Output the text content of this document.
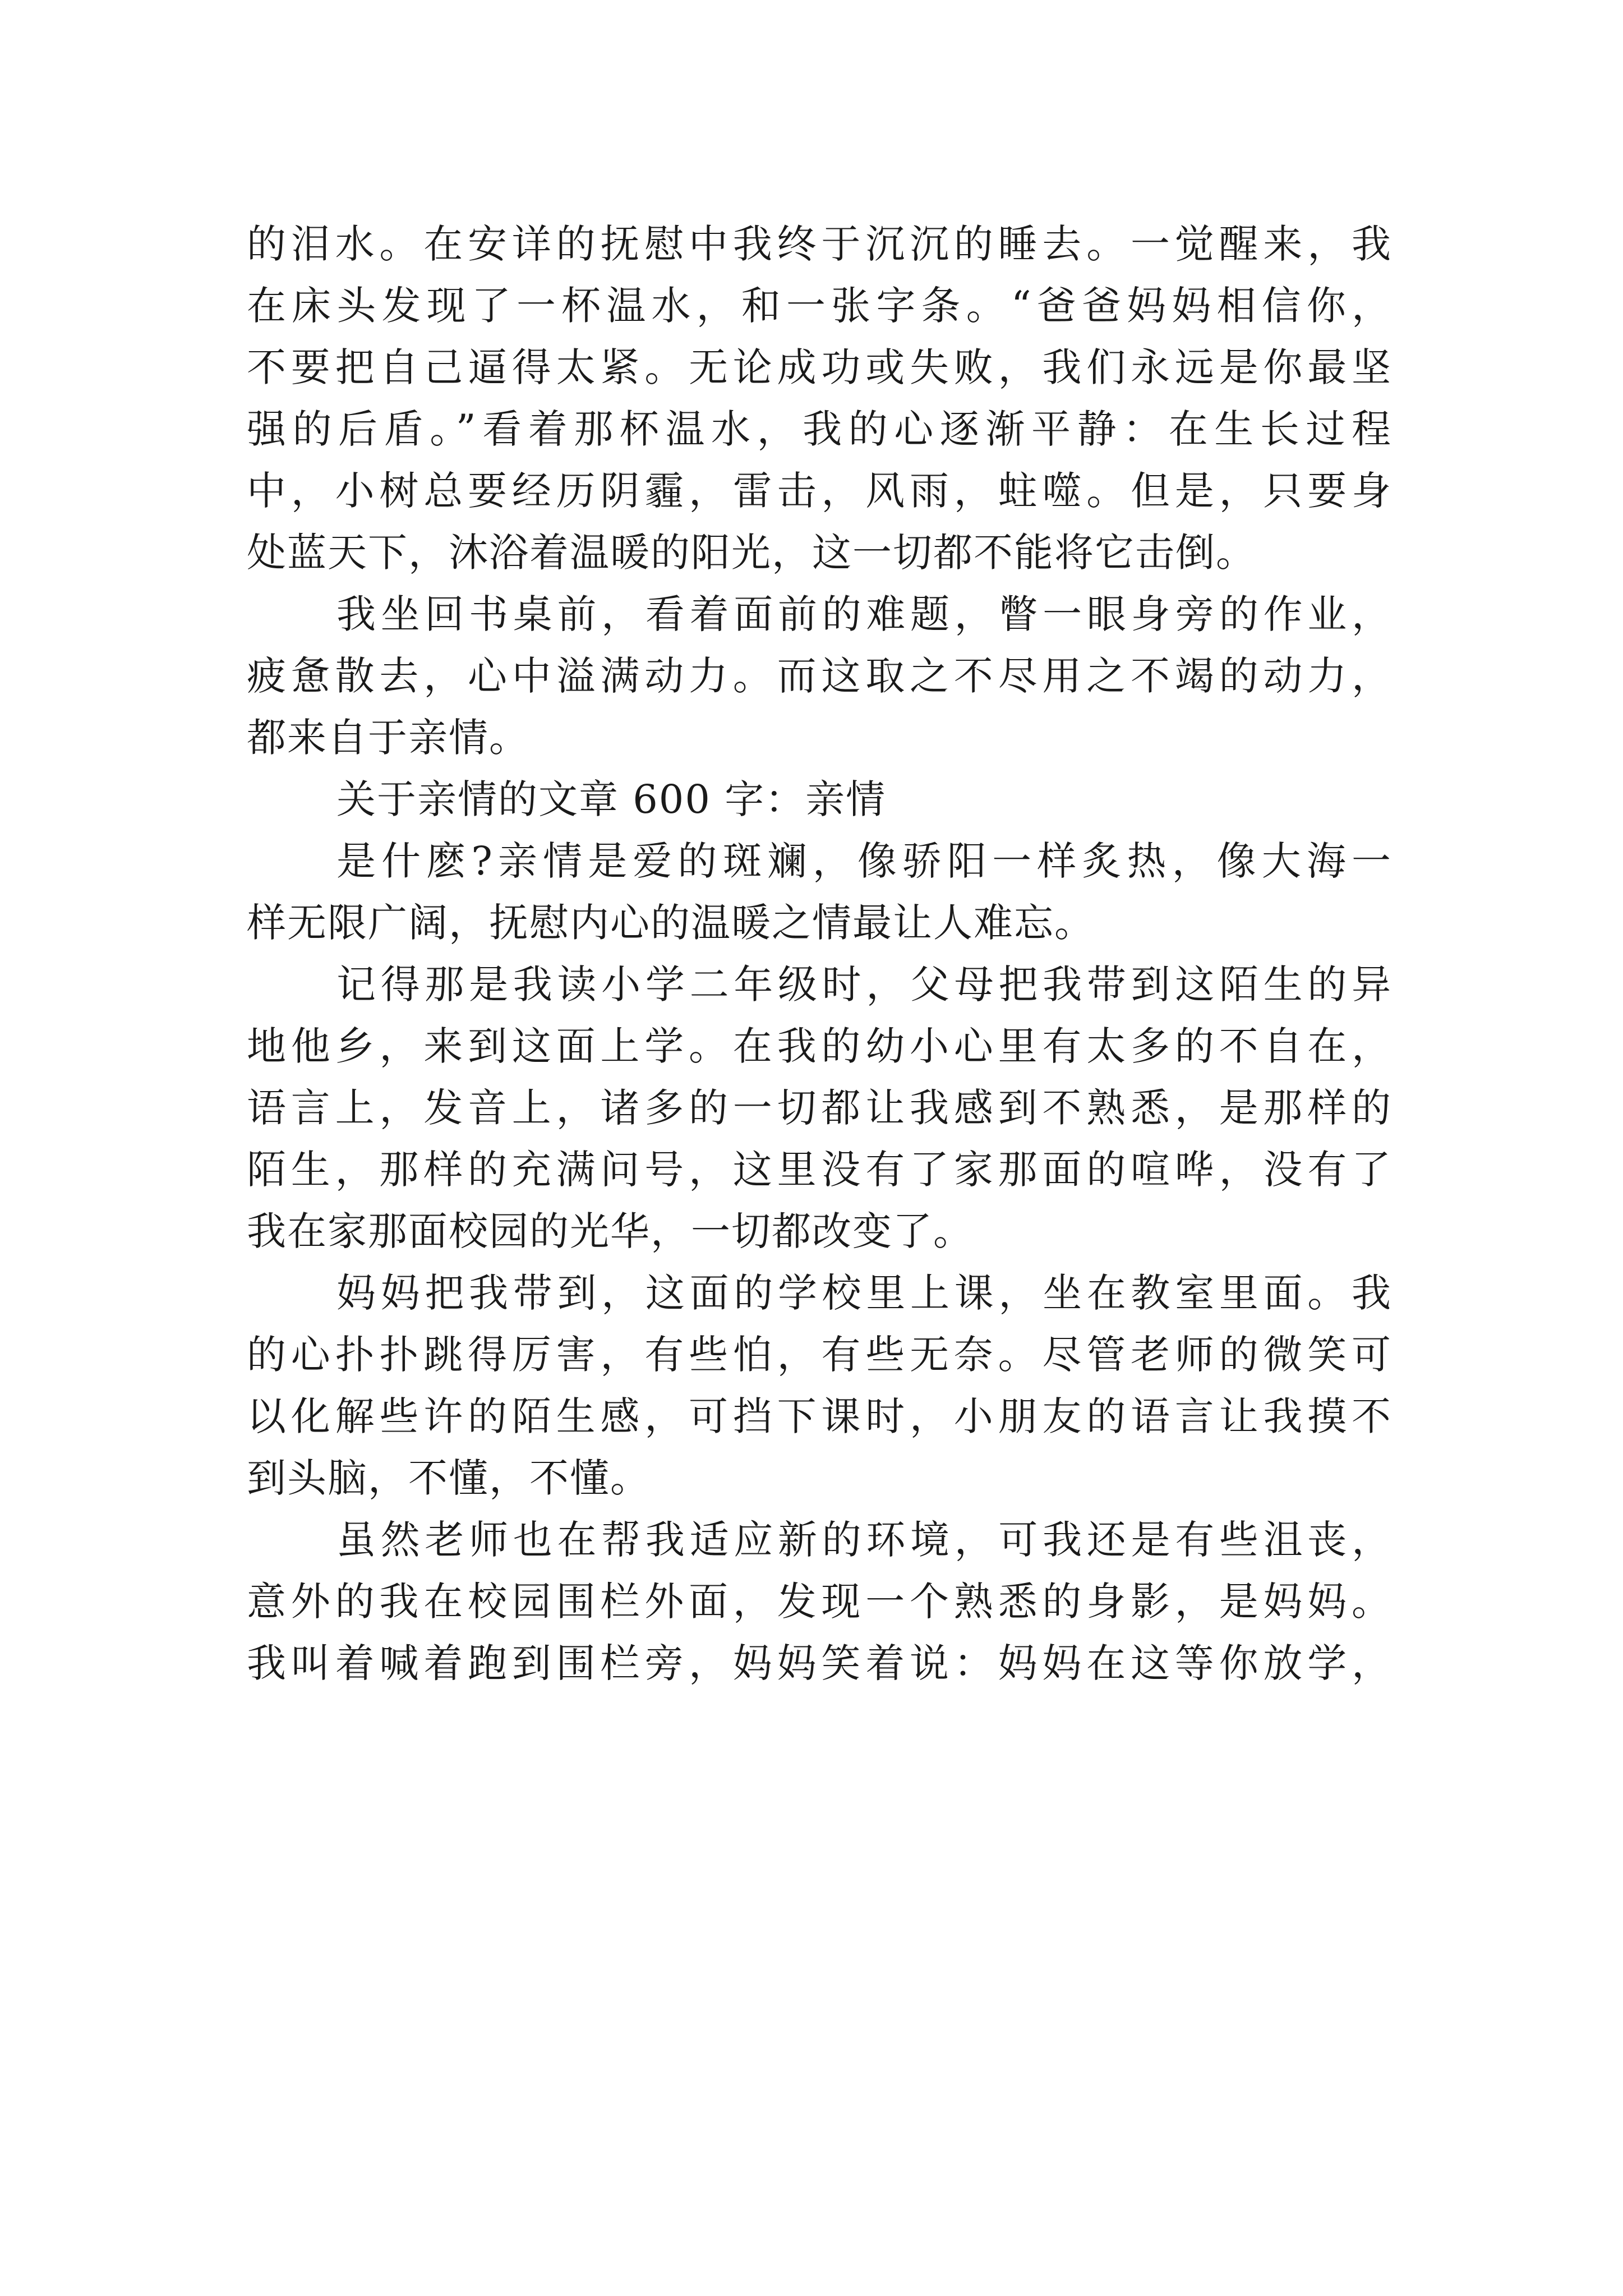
的泪水。在安详的抚慰中我终于沉沉的睡去。一觉醒来，我
在床头发现了一杯温水，和一张字条。“爸爸妈妈相信你，
不要把自己逼得太紧。无论成功或失败，我们永远是你最坚
强的后盾。”看着那杯温水，我的心逐渐平静：在生长过程
中，小树总要经历阴霾，雷击，风雨，蛀噬。但是，只要身
处蓝天下，沐浴着温暖的阳光，这一切都不能将它击倒。
我坐回书桌前，看着面前的难题，瞥一眼身旁的作业，
疲惫散去，心中溢满动力。而这取之不尽用之不竭的动力，
都来自于亲情。
关于亲情的文章 600 字：亲情
是什麽?亲情是爱的斑斓，像骄阳一样炙热，像大海一
样无限广阔，抚慰内心的温暖之情最让人难忘。
记得那是我读小学二年级时，父母把我带到这陌生的异
地他乡，来到这面上学。在我的幼小心里有太多的不自在，
语言上，发音上，诸多的一切都让我感到不熟悉，是那样的
陌生，那样的充满问号，这里没有了家那面的喧哗，没有了
我在家那面校园的光华，一切都改变了。
妈妈把我带到，这面的学校里上课，坐在教室里面。我
的心扑扑跳得厉害，有些怕，有些无奈。尽管老师的微笑可
以化解些许的陌生感，可挡下课时，小朋友的语言让我摸不
到头脑，不懂，不懂。
虽然老师也在帮我适应新的环境，可我还是有些沮丧，
意外的我在校园围栏外面，发现一个熟悉的身影，是妈妈。
我叫着喊着跑到围栏旁，妈妈笑着说：妈妈在这等你放学，
